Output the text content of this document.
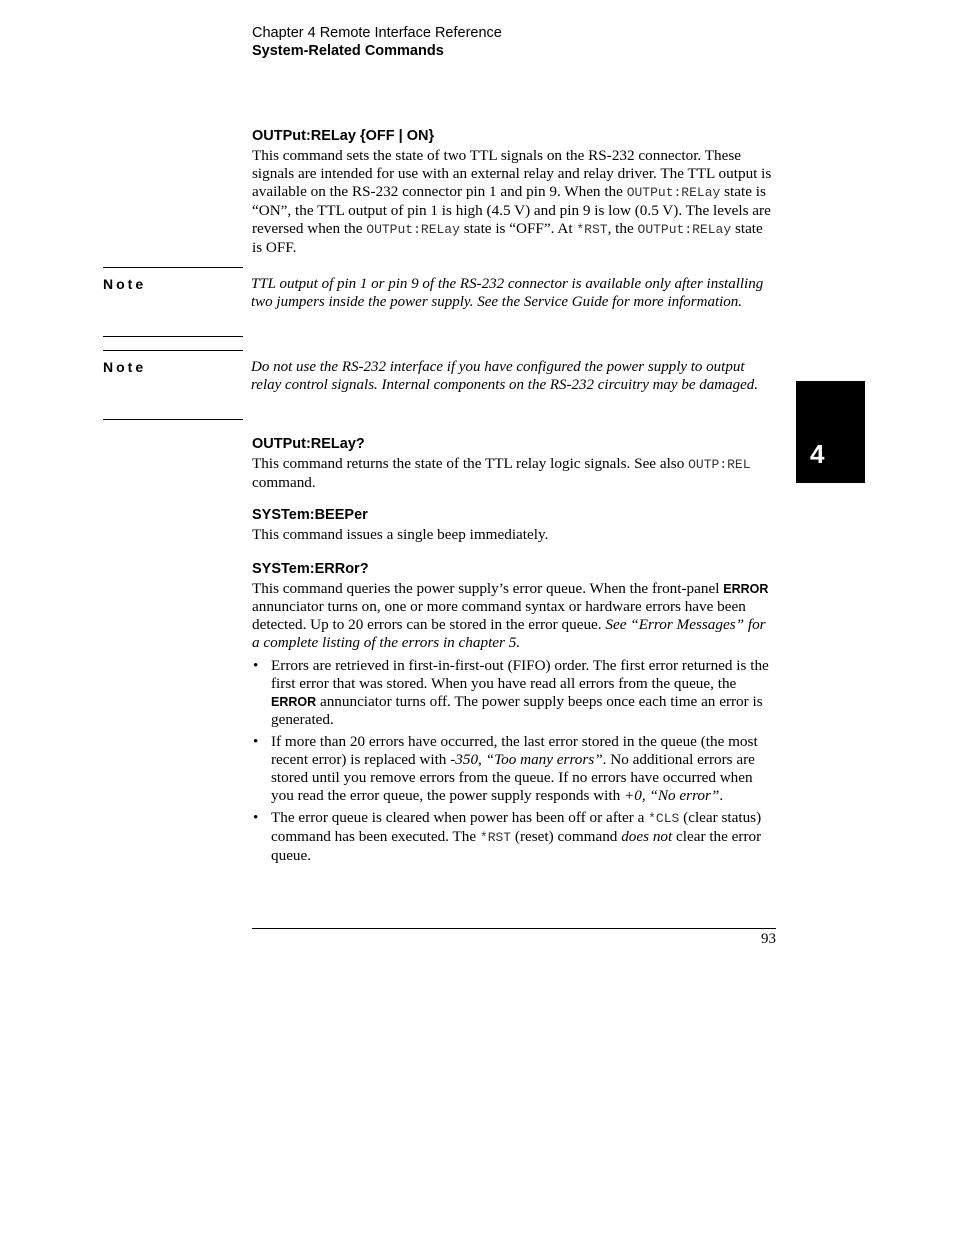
Chapter 4 Remote Interface Reference
System-Related Commands
OUTPut:RELay {OFF | ON}
This command sets the state of two TTL signals on the RS-232 connector. These signals are intended for use with an external relay and relay driver. The TTL output is available on the RS-232 connector pin 1 and pin 9. When the OUTPut:RELay state is “ON”, the TTL output of pin 1 is high (4.5 V) and pin 9 is low (0.5 V). The levels are reversed when the OUTPut:RELay state is “OFF”. At *RST, the OUTPut:RELay state is OFF.
Note	TTL output of pin 1 or pin 9 of the RS-232 connector is available only after installing two jumpers inside the power supply. See the Service Guide for more information.
Note	Do not use the RS-232 interface if you have configured the power supply to output relay control signals. Internal components on the RS-232 circuitry may be damaged.
4
OUTPut:RELay?
This command returns the state of the TTL relay logic signals. See also OUTP:REL command.
SYSTem:BEEPer
This command issues a single beep immediately.
SYSTem:ERRor?
This command queries the power supply’s error queue. When the front-panel ERROR annunciator turns on, one or more command syntax or hardware errors have been detected. Up to 20 errors can be stored in the error queue. See “Error Messages” for a complete listing of the errors in chapter 5.
• Errors are retrieved in first-in-first-out (FIFO) order. The first error returned is the first error that was stored. When you have read all errors from the queue, the ERROR annunciator turns off. The power supply beeps once each time an error is generated.
• If more than 20 errors have occurred, the last error stored in the queue (the most recent error) is replaced with -350, “Too many errors”. No additional errors are stored until you remove errors from the queue. If no errors have occurred when you read the error queue, the power supply responds with +0, “No error”.
• The error queue is cleared when power has been off or after a *CLS (clear status) command has been executed. The *RST (reset) command does not clear the error queue.
93
